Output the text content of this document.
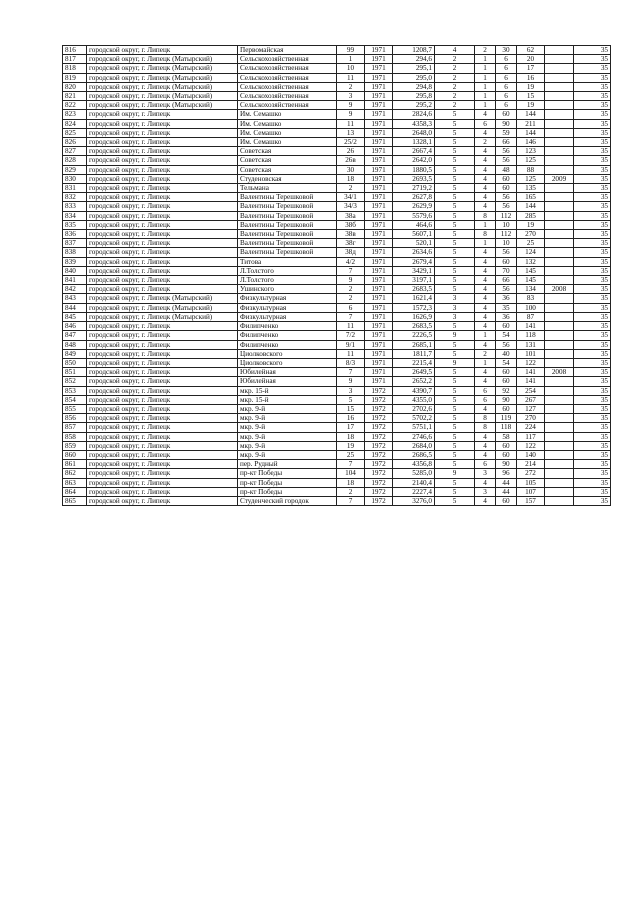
816	городской округ, г. Липецк	Первомайская	99	1971	1208,7	4	2	30	62		35
817	городской округ, г. Липецк (Матырский)	Сельскохозяйственная	1	1971	294,6	2	1	6	20		35
818	городской округ, г. Липецк (Матырский)	Сельскохозяйственная	10	1971	295,1	2	1	6	17		35
819	городской округ, г. Липецк (Матырский)	Сельскохозяйственная	11	1971	295,0	2	1	6	16		35
820	городской округ, г. Липецк (Матырский)	Сельскохозяйственная	2	1971	294,8	2	1	6	19		35
821	городской округ, г. Липецк (Матырский)	Сельскохозяйственная	3	1971	295,8	2	1	6	15		35
822	городской округ, г. Липецк (Матырский)	Сельскохозяйственная	9	1971	295,2	2	1	6	19		35
823	городской округ, г. Липецк	Им. Семашко	9	1971	2824,6	5	4	60	144		35
824	городской округ, г. Липецк	Им. Семашко	11	1971	4358,3	5	6	90	211		35
825	городской округ, г. Липецк	Им. Семашко	13	1971	2648,0	5	4	59	144		35
826	городской округ, г. Липецк	Им. Семашко	25/2	1971	1328,1	5	2	66	146		35
827	городской округ, г. Липецк	Советская	26	1971	2667,4	5	4	56	123		35
828	городской округ, г. Липецк	Советская	26в	1971	2642,0	5	4	56	125		35
829	городской округ, г. Липецк	Советская	30	1971	1880,5	5	4	48	88		35
830	городской округ, г. Липецк	Студеновская	18	1971	2693,5	5	4	60	125	2009	35
831	городской округ, г. Липецк	Тельмана	2	1971	2719,2	5	4	60	135		35
832	городской округ, г. Липецк	Валентины Терешковой	34/1	1971	2627,8	5	4	56	165		35
833	городской округ, г. Липецк	Валентины Терешковой	34/3	1971	2629,9	5	4	56	144		35
834	городской округ, г. Липецк	Валентины Терешковой	38а	1971	5579,6	5	8	112	285		35
835	городской округ, г. Липецк	Валентины Терешковой	38б	1971	464,6	5	1	10	19		35
836	городской округ, г. Липецк	Валентины Терешковой	38в	1971	5607,1	5	8	112	270		35
837	городской округ, г. Липецк	Валентины Терешковой	38г	1971	520,1	5	1	10	25		35
838	городской округ, г. Липецк	Валентины Терешковой	38д	1971	2634,6	5	4	56	124		35
839	городской округ, г. Липецк	Титова	4/2	1971	2679,4	5	4	60	132		35
840	городской округ, г. Липецк	Л.Толстого	7	1971	3429,1	5	4	70	145		35
841	городской округ, г. Липецк	Л.Толстого	9	1971	3197,1	5	4	66	145		35
842	городской округ, г. Липецк	Ушинского	2	1971	2683,5	5	4	56	134	2008	35
843	городской округ, г. Липецк (Матырский)	Физкультурная	2	1971	1621,4	3	4	36	83		35
844	городской округ, г. Липецк (Матырский)	Физкультурная	6	1971	1572,3	3	4	35	100		35
845	городской округ, г. Липецк (Матырский)	Физкультурная	7	1971	1626,9	3	4	36	87		35
846	городской округ, г. Липецк	Филипченко	11	1971	2683,5	5	4	60	141		35
847	городской округ, г. Липецк	Филипченко	7/2	1971	2226,5	9	1	54	118		35
848	городской округ, г. Липецк	Филипченко	9/1	1971	2685,1	5	4	56	131		35
849	городской округ, г. Липецк	Циолковского	11	1971	1811,7	5	2	40	101		35
850	городской округ, г. Липецк	Циолковского	8/3	1971	2215,4	9	1	54	122		35
851	городской округ, г. Липецк	Юбилейная	7	1971	2649,5	5	4	60	141	2008	35
852	городской округ, г. Липецк	Юбилейная	9	1971	2652,2	5	4	60	141		35
853	городской округ, г. Липецк	мкр. 15-й	3	1972	4390,7	5	6	92	254		35
854	городской округ, г. Липецк	мкр. 15-й	5	1972	4355,0	5	6	90	267		35
855	городской округ, г. Липецк	мкр. 9-й	15	1972	2702,6	5	4	60	127		35
856	городской округ, г. Липецк	мкр. 9-й	16	1972	5702,2	5	8	119	270		35
857	городской округ, г. Липецк	мкр. 9-й	17	1972	5751,1	5	8	118	224		35
858	городской округ, г. Липецк	мкр. 9-й	18	1972	2746,6	5	4	58	117		35
859	городской округ, г. Липецк	мкр. 9-й	19	1972	2684,0	5	4	60	122		35
860	городской округ, г. Липецк	мкр. 9-й	25	1972	2686,5	5	4	60	140		35
861	городской округ, г. Липецк	пер. Рудный	7	1972	4356,8	5	6	90	214		35
862	городской округ, г. Липецк	пр-кт Победы	104	1972	5285,0	9	3	96	272		35
863	городской округ, г. Липецк	пр-кт Победы	18	1972	2140,4	5	4	44	105		35
864	городской округ, г. Липецк	пр-кт Победы	2	1972	2227,4	5	3	44	107		35
865	городской округ, г. Липецк	Студенческий городок	7	1972	3276,0	5	4	60	157		35
